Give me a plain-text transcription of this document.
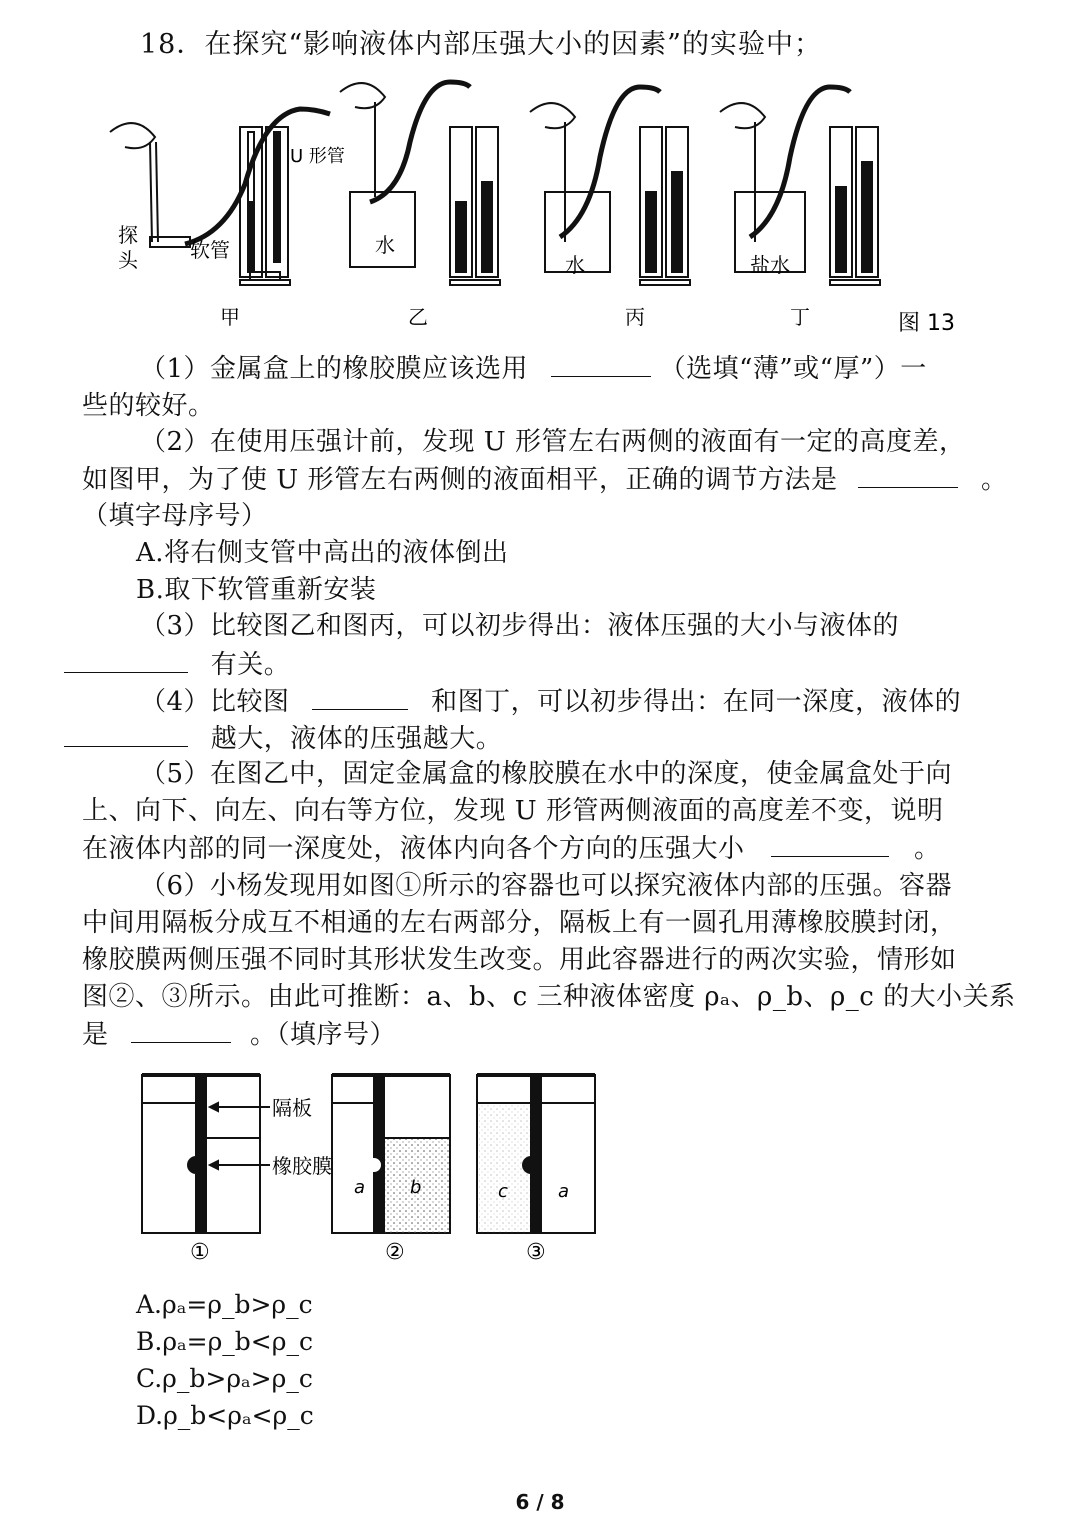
18．在探究“影响液体内部压强大小的因素”的实验中；
U 形管
探
头	软管	水
水	盐水
甲	乙	丙	丁	图 13
（1）金属盒上的橡胶膜应该选用	（选填“薄”或“厚”）一
些的较好。
（2）在使用压强计前，发现 U 形管左右两侧的液面有一定的高度差，
如图甲，为了使 U 形管左右两侧的液面相平，正确的调节方法是	。
（填字母序号）
A.将右侧支管中高出的液体倒出
B.取下软管重新安装
（3）比较图乙和图丙，可以初步得出：液体压强的大小与液体的
有关。
（4）比较图	和图丁，可以初步得出：在同一深度，液体的
越大，液体的压强越大。
（5）在图乙中，固定金属盒的橡胶膜在水中的深度，使金属盒处于向
上、向下、向左、向右等方位，发现 U 形管两侧液面的高度差不变，说明
在液体内部的同一深度处，液体内向各个方向的压强大小	。
（6）小杨发现用如图①所示的容器也可以探究液体内部的压强。容器
中间用隔板分成互不相通的左右两部分，隔板上有一圆孔用薄橡胶膜封闭，
橡胶膜两侧压强不同时其形状发生改变。用此容器进行的两次实验，情形如
图②、③所示。由此可推断：a、b、c 三种液体密度 ρₐ、ρ_b、ρ_c 的大小关系
是	。（填序号）
隔板
橡胶膜
a b	c	a
①	②	③
A.ρₐ=ρ_b>ρ_c
B.ρₐ=ρ_b<ρ_c
C.ρ_b>ρₐ>ρ_c
D.ρ_b<ρₐ<ρ_c
6 / 8
